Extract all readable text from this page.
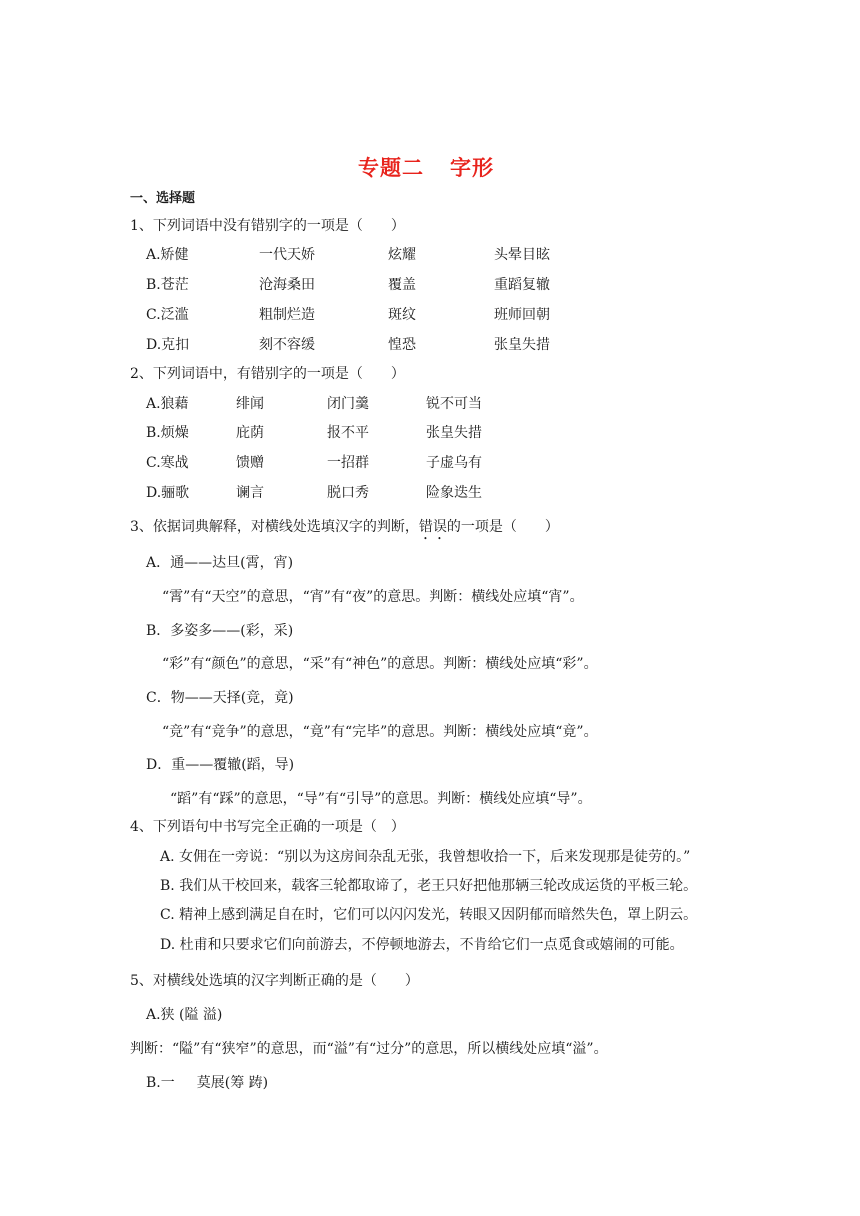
专题二 字形
一、选择题
1、下列词语中没有错别字的一项是（　　）
A.矫健	一代天娇	炫耀	头晕目眩
B.苍茫	沧海桑田	覆盖	重蹈复辙
C.泛滥	粗制烂造	斑纹	班师回朝
D.克扣	刻不容缓	惶恐	张皇失措
2、下列词语中，有错别字的一项是（　　）
A.狼藉	绯闻	闭门羹	锐不可当
B.烦燥	庇荫	报不平	张皇失措
C.寒战	馈赠	一招群	子虚乌有
D.骊歌	谰言	脱口秀	险象迭生
3、依据词典解释，对横线处选填汉字的判断，错误的一项是（　　）
A．通——达旦(霄，宵)
“霄”有“天空”的意思，“宵”有“夜”的意思。判断：横线处应填“宵”。
B．多姿多——(彩，采)
“彩”有“颜色”的意思，“采”有“神色”的意思。判断：横线处应填“彩”。
C．物——天择(竞，竟)
“竞”有“竞争”的意思，“竟”有“完毕”的意思。判断：横线处应填“竟”。
D．重——覆辙(蹈，导)
“蹈”有“踩”的意思，“导”有“引导”的意思。判断：横线处应填“导”。
4、下列语句中书写完全正确的一项是（　）
A. 女佣在一旁说：“别以为这房间杂乱无张，我曾想收拾一下，后来发现那是徒劳的。”
B. 我们从干校回来，载客三轮都取谛了，老王只好把他那辆三轮改成运货的平板三轮。
C. 精神上感到满足自在时，它们可以闪闪发光，转眼又因阴郁而暗然失色，罩上阴云。
D. 杜甫和只要求它们向前游去，不停顿地游去，不肯给它们一点觅食或嬉闹的可能。
5、对横线处选填的汉字判断正确的是（　　）
A.狭 (隘 溢)
判断：“隘”有“狭窄”的意思，而“溢”有“过分”的意思，所以横线处应填“溢”。
B.一 莫展(筹 踌)
